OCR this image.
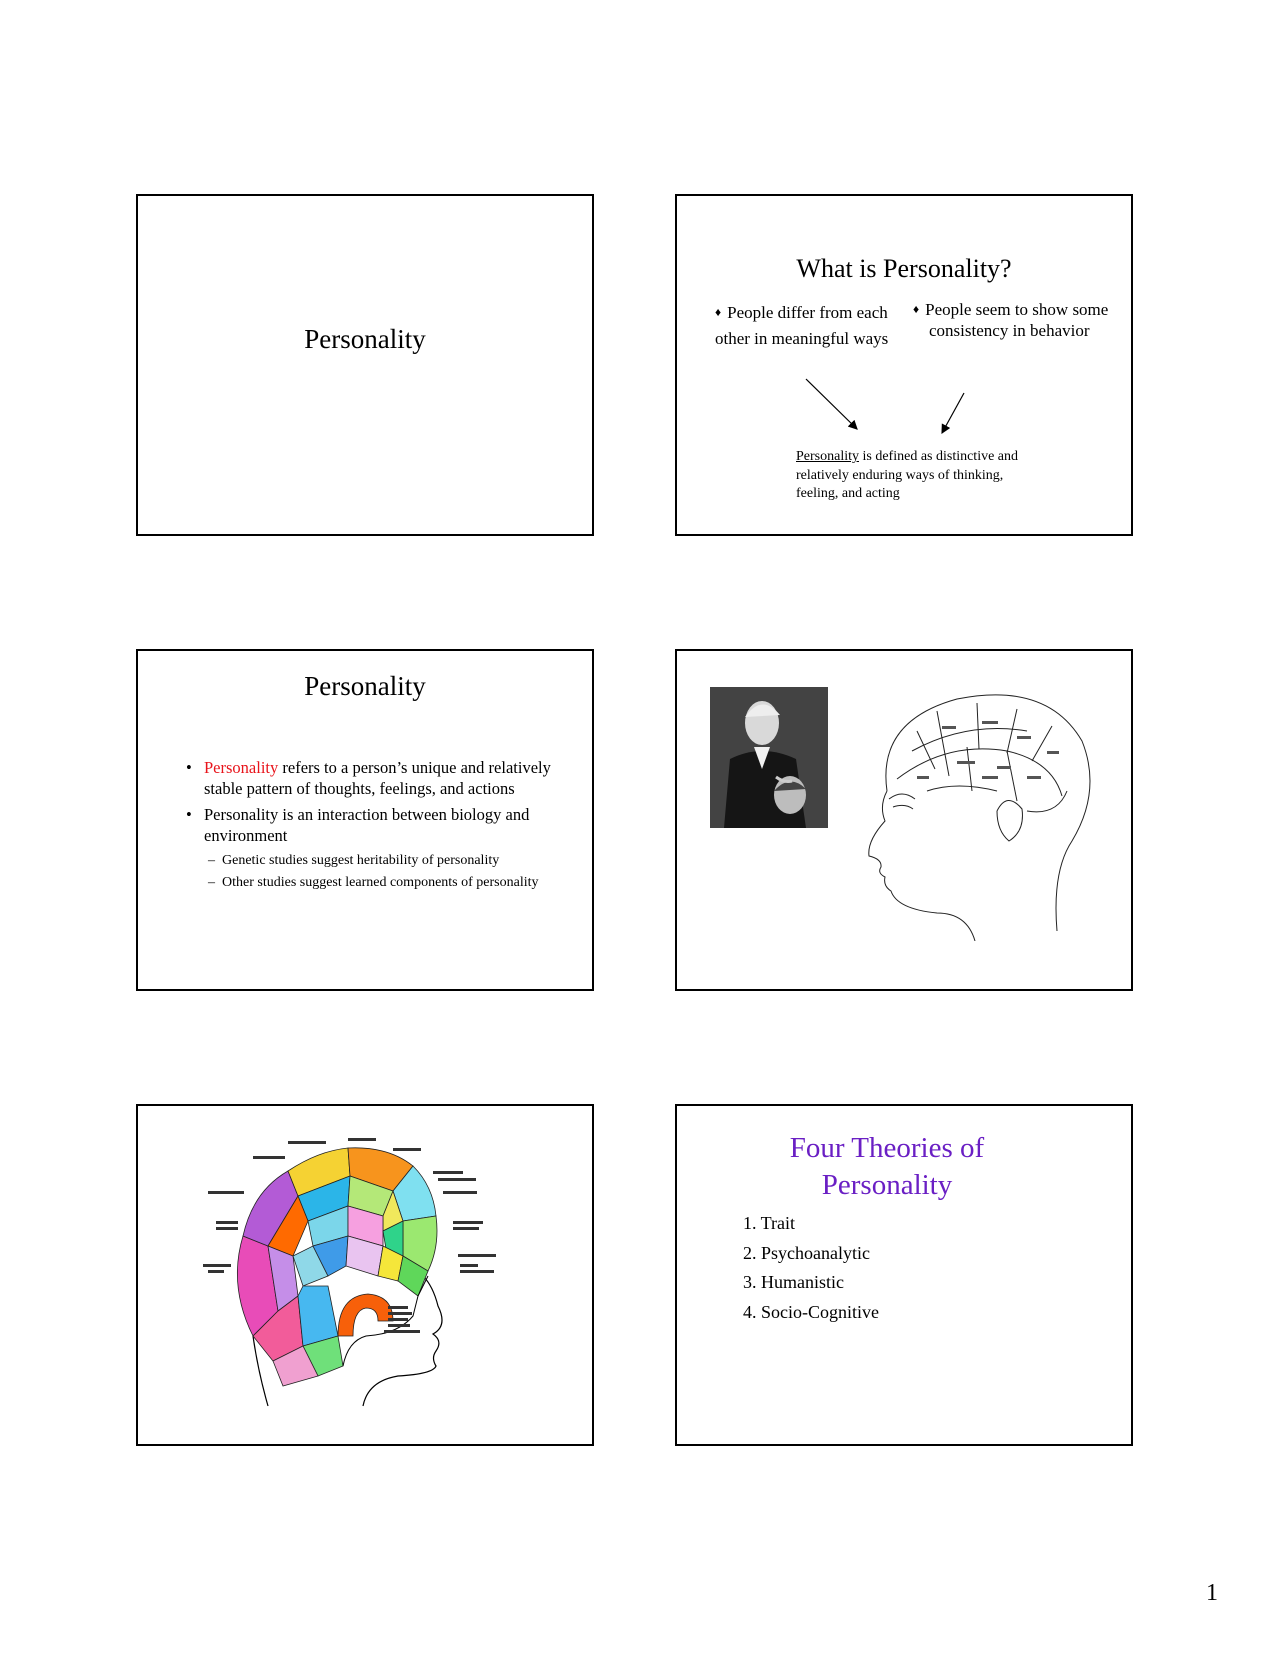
Personality
What is Personality?
♦ People differ from each other in meaningful ways
♦ People seem to show some consistency in behavior
Personality is defined as distinctive and relatively enduring ways of thinking, feeling, and acting
Personality
• Personality refers to a person’s unique and relatively stable pattern of thoughts, feelings, and actions
• Personality is an interaction between biology and environment
– Genetic studies suggest heritability of personality
– Other studies suggest learned components of personality
Four Theories of Personality
1. Trait
2. Psychoanalytic
3. Humanistic
4. Socio-Cognitive
1
